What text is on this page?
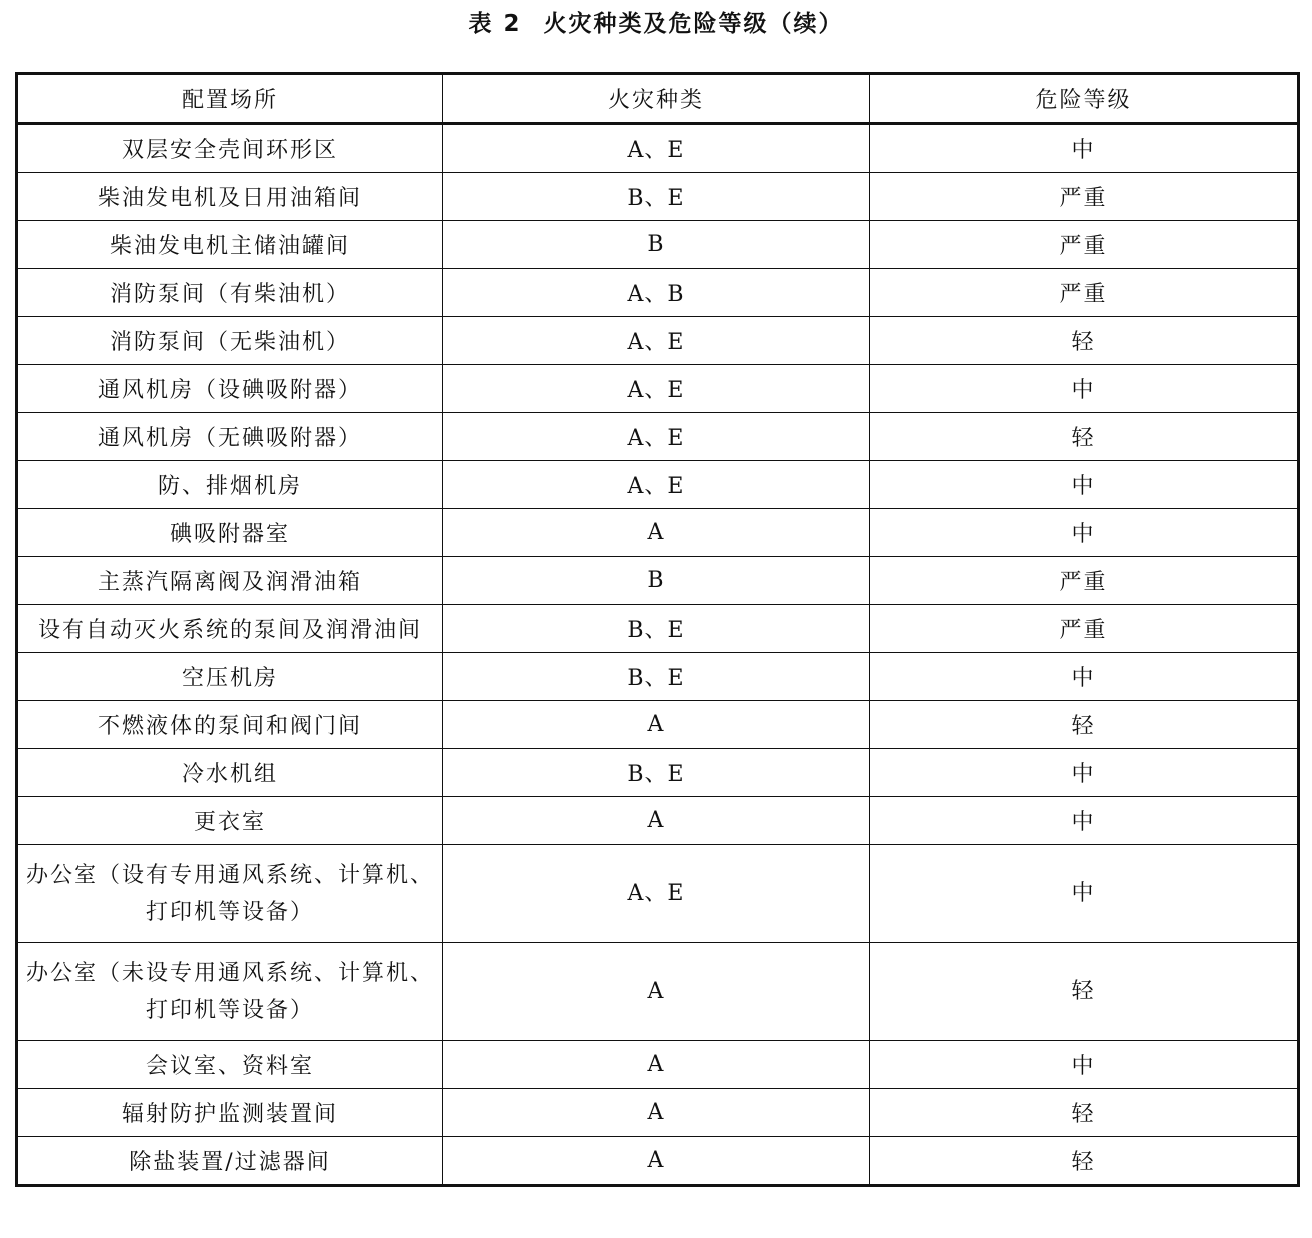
表 2 火灾种类及危险等级（续）
配置场所	火灾种类	危险等级
双层安全壳间环形区	A、E	中
柴油发电机及日用油箱间	B、E	严重
柴油发电机主储油罐间	B	严重
消防泵间（有柴油机）	A、B	严重
消防泵间（无柴油机）	A、E	轻
通风机房（设碘吸附器）	A、E	中
通风机房（无碘吸附器）	A、E	轻
防、排烟机房	A、E	中
碘吸附器室	A	中
主蒸汽隔离阀及润滑油箱	B	严重
设有自动灭火系统的泵间及润滑油间	B、E	严重
空压机房	B、E	中
不燃液体的泵间和阀门间	A	轻
冷水机组	B、E	中
更衣室	A	中
办公室（设有专用通风系统、计算机、打印机等设备）	A、E	中
办公室（未设专用通风系统、计算机、打印机等设备）	A	轻
会议室、资料室	A	中
辐射防护监测装置间	A	轻
除盐装置/过滤器间	A	轻
